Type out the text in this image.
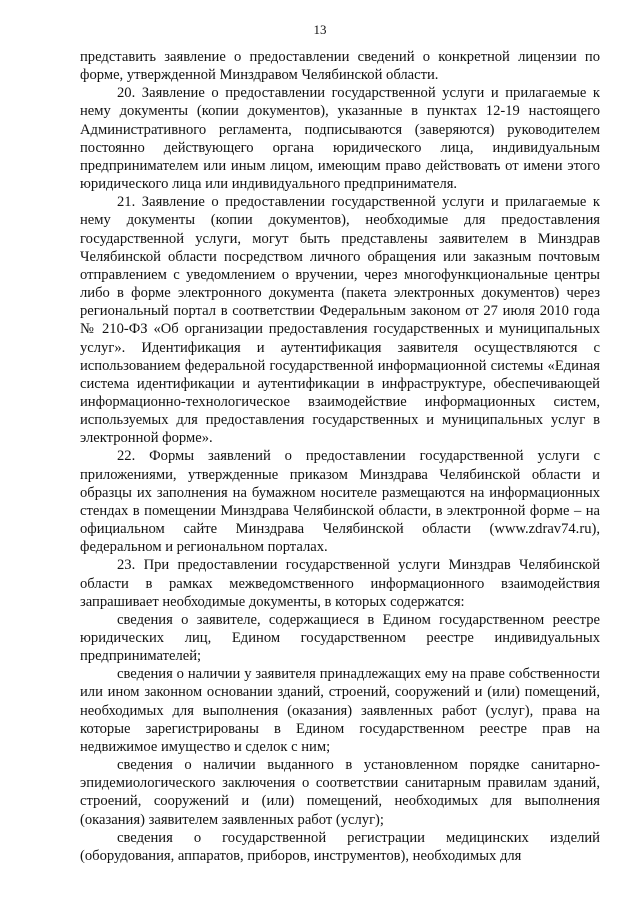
13

представить заявление о предоставлении сведений о конкретной лицензии по форме, утвержденной Минздравом Челябинской области.

20. Заявление о предоставлении государственной услуги и прилагаемые к нему документы (копии документов), указанные в пунктах 12-19 настоящего Административного регламента, подписываются (заверяются) руководителем постоянно действующего органа юридического лица, индивидуальным предпринимателем или иным лицом, имеющим право действовать от имени этого юридического лица или индивидуального предпринимателя.

21. Заявление о предоставлении государственной услуги и прилагаемые к нему документы (копии документов), необходимые для предоставления государственной услуги, могут быть представлены заявителем в Минздрав Челябинской области посредством личного обращения или заказным почтовым отправлением с уведомлением о вручении, через многофункциональные центры либо в форме электронного документа (пакета электронных документов) через региональный портал в соответствии Федеральным законом от 27 июля 2010 года № 210-ФЗ «Об организации предоставления государственных и муниципальных услуг». Идентификация и аутентификация заявителя осуществляются с использованием федеральной государственной информационной системы «Единая система идентификации и аутентификации в инфраструктуре, обеспечивающей информационно-технологическое взаимодействие информационных систем, используемых для предоставления государственных и муниципальных услуг в электронной форме».

22. Формы заявлений о предоставлении государственной услуги с приложениями, утвержденные приказом Минздрава Челябинской области и образцы их заполнения на бумажном носителе размещаются на информационных стендах в помещении Минздрава Челябинской области, в электронной форме – на официальном сайте Минздрава Челябинской области (www.zdrav74.ru), федеральном и региональном порталах.

23. При предоставлении государственной услуги Минздрав Челябинской области в рамках межведомственного информационного взаимодействия запрашивает необходимые документы, в которых содержатся:

сведения о заявителе, содержащиеся в Едином государственном реестре юридических лиц, Едином государственном реестре индивидуальных предпринимателей;

сведения о наличии у заявителя принадлежащих ему на праве собственности или ином законном основании зданий, строений, сооружений и (или) помещений, необходимых для выполнения (оказания) заявленных работ (услуг), права на которые зарегистрированы в Едином государственном реестре прав на недвижимое имущество и сделок с ним;

сведения о наличии выданного в установленном порядке санитарно-эпидемиологического заключения о соответствии санитарным правилам зданий, строений, сооружений и (или) помещений, необходимых для выполнения (оказания) заявителем заявленных работ (услуг);

сведения о государственной регистрации медицинских изделий (оборудования, аппаратов, приборов, инструментов), необходимых для
